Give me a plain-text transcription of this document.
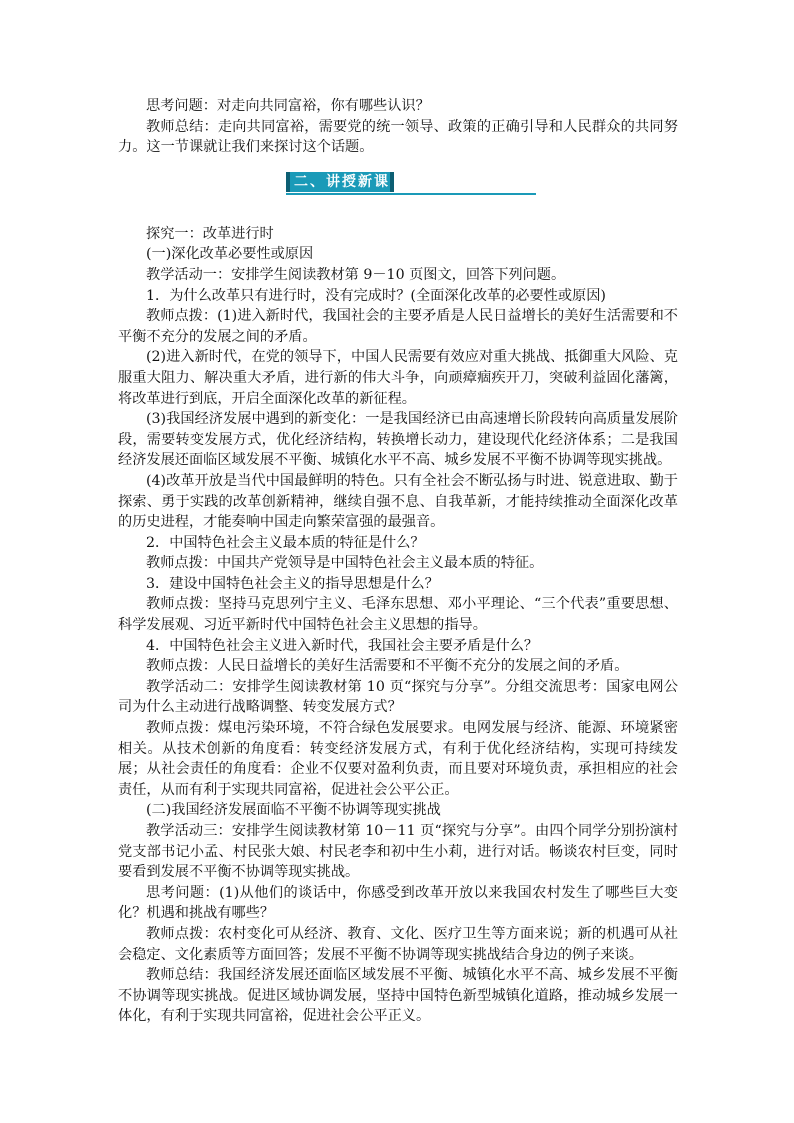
思考问题：对走向共同富裕，你有哪些认识？

教师总结：走向共同富裕，需要党的统一领导、政策的正确引导和人民群众的共同努力。这一节课就让我们来探讨这个话题。

二、讲授新课

探究一：改革进行时

(一)深化改革必要性或原因

教学活动一：安排学生阅读教材第 9－10 页图文，回答下列问题。

1．为什么改革只有进行时，没有完成时？(全面深化改革的必要性或原因)

教师点拨：(1)进入新时代，我国社会的主要矛盾是人民日益增长的美好生活需要和不平衡不充分的发展之间的矛盾。

(2)进入新时代，在党的领导下，中国人民需要有效应对重大挑战、抵御重大风险、克服重大阻力、解决重大矛盾，进行新的伟大斗争，向顽瘴痼疾开刀，突破利益固化藩篱，将改革进行到底，开启全面深化改革的新征程。

(3)我国经济发展中遇到的新变化：一是我国经济已由高速增长阶段转向高质量发展阶段，需要转变发展方式，优化经济结构，转换增长动力，建设现代化经济体系；二是我国经济发展还面临区域发展不平衡、城镇化水平不高、城乡发展不平衡不协调等现实挑战。

(4)改革开放是当代中国最鲜明的特色。只有全社会不断弘扬与时进、锐意进取、勤于探索、勇于实践的改革创新精神，继续自强不息、自我革新，才能持续推动全面深化改革的历史进程，才能奏响中国走向繁荣富强的最强音。

2．中国特色社会主义最本质的特征是什么？

教师点拨：中国共产党领导是中国特色社会主义最本质的特征。

3．建设中国特色社会主义的指导思想是什么？

教师点拨：坚持马克思列宁主义、毛泽东思想、邓小平理论、“三个代表”重要思想、科学发展观、习近平新时代中国特色社会主义思想的指导。

4．中国特色社会主义进入新时代，我国社会主要矛盾是什么？

教师点拨：人民日益增长的美好生活需要和不平衡不充分的发展之间的矛盾。

教学活动二：安排学生阅读教材第 10 页“探究与分享”。分组交流思考：国家电网公司为什么主动进行战略调整、转变发展方式？

教师点拨：煤电污染环境，不符合绿色发展要求。电网发展与经济、能源、环境紧密相关。从技术创新的角度看：转变经济发展方式，有利于优化经济结构，实现可持续发展；从社会责任的角度看：企业不仅要对盈利负责，而且要对环境负责，承担相应的社会责任，从而有利于实现共同富裕，促进社会公平公正。

(二)我国经济发展面临不平衡不协调等现实挑战

教学活动三：安排学生阅读教材第 10－11 页“探究与分享”。由四个同学分别扮演村党支部书记小孟、村民张大娘、村民老李和初中生小莉，进行对话。畅谈农村巨变，同时要看到发展不平衡不协调等现实挑战。

思考问题：(1)从他们的谈话中，你感受到改革开放以来我国农村发生了哪些巨大变化？机遇和挑战有哪些？

教师点拨：农村变化可从经济、教育、文化、医疗卫生等方面来说；新的机遇可从社会稳定、文化素质等方面回答；发展不平衡不协调等现实挑战结合身边的例子来谈。

教师总结：我国经济发展还面临区域发展不平衡、城镇化水平不高、城乡发展不平衡不协调等现实挑战。促进区域协调发展，坚持中国特色新型城镇化道路，推动城乡发展一体化，有利于实现共同富裕，促进社会公平正义。
